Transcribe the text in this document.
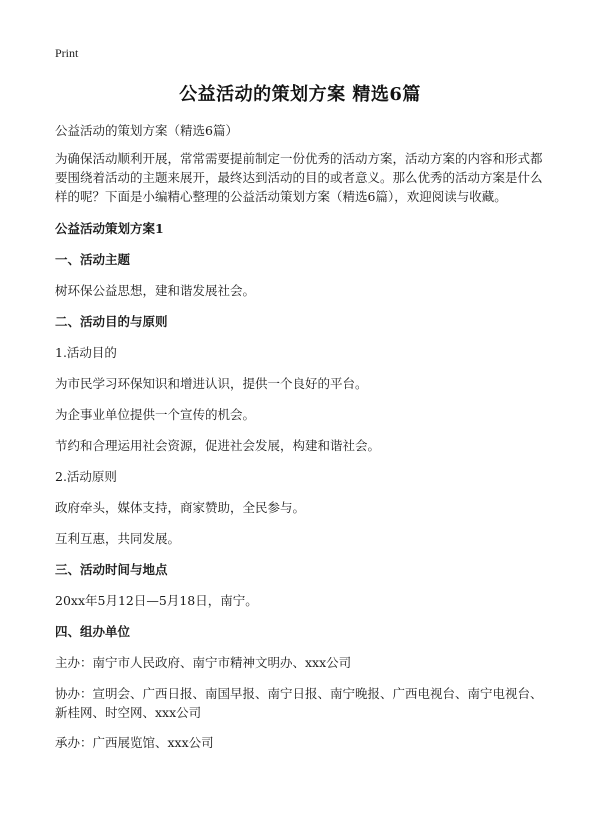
Print
公益活动的策划方案 精选6篇

公益活动的策划方案（精选6篇）

为确保活动顺利开展，常常需要提前制定一份优秀的活动方案，活动方案的内容和形式都要围绕着活动的主题来展开，最终达到活动的目的或者意义。那么优秀的活动方案是什么样的呢？下面是小编精心整理的公益活动策划方案（精选6篇），欢迎阅读与收藏。

公益活动策划方案1

一、活动主题

树环保公益思想，建和谐发展社会。

二、活动目的与原则

1.活动目的

为市民学习环保知识和增进认识，提供一个良好的平台。

为企事业单位提供一个宣传的机会。

节约和合理运用社会资源，促进社会发展，构建和谐社会。

2.活动原则

政府牵头，媒体支持，商家赞助，全民参与。

互利互惠，共同发展。

三、活动时间与地点

20xx年5月12日—5月18日，南宁。

四、组办单位

主办：南宁市人民政府、南宁市精神文明办、xxx公司

协办：宣明会、广西日报、南国早报、南宁日报、南宁晚报、广西电视台、南宁电视台、新桂网、时空网、xxx公司

承办：广西展览馆、xxx公司
